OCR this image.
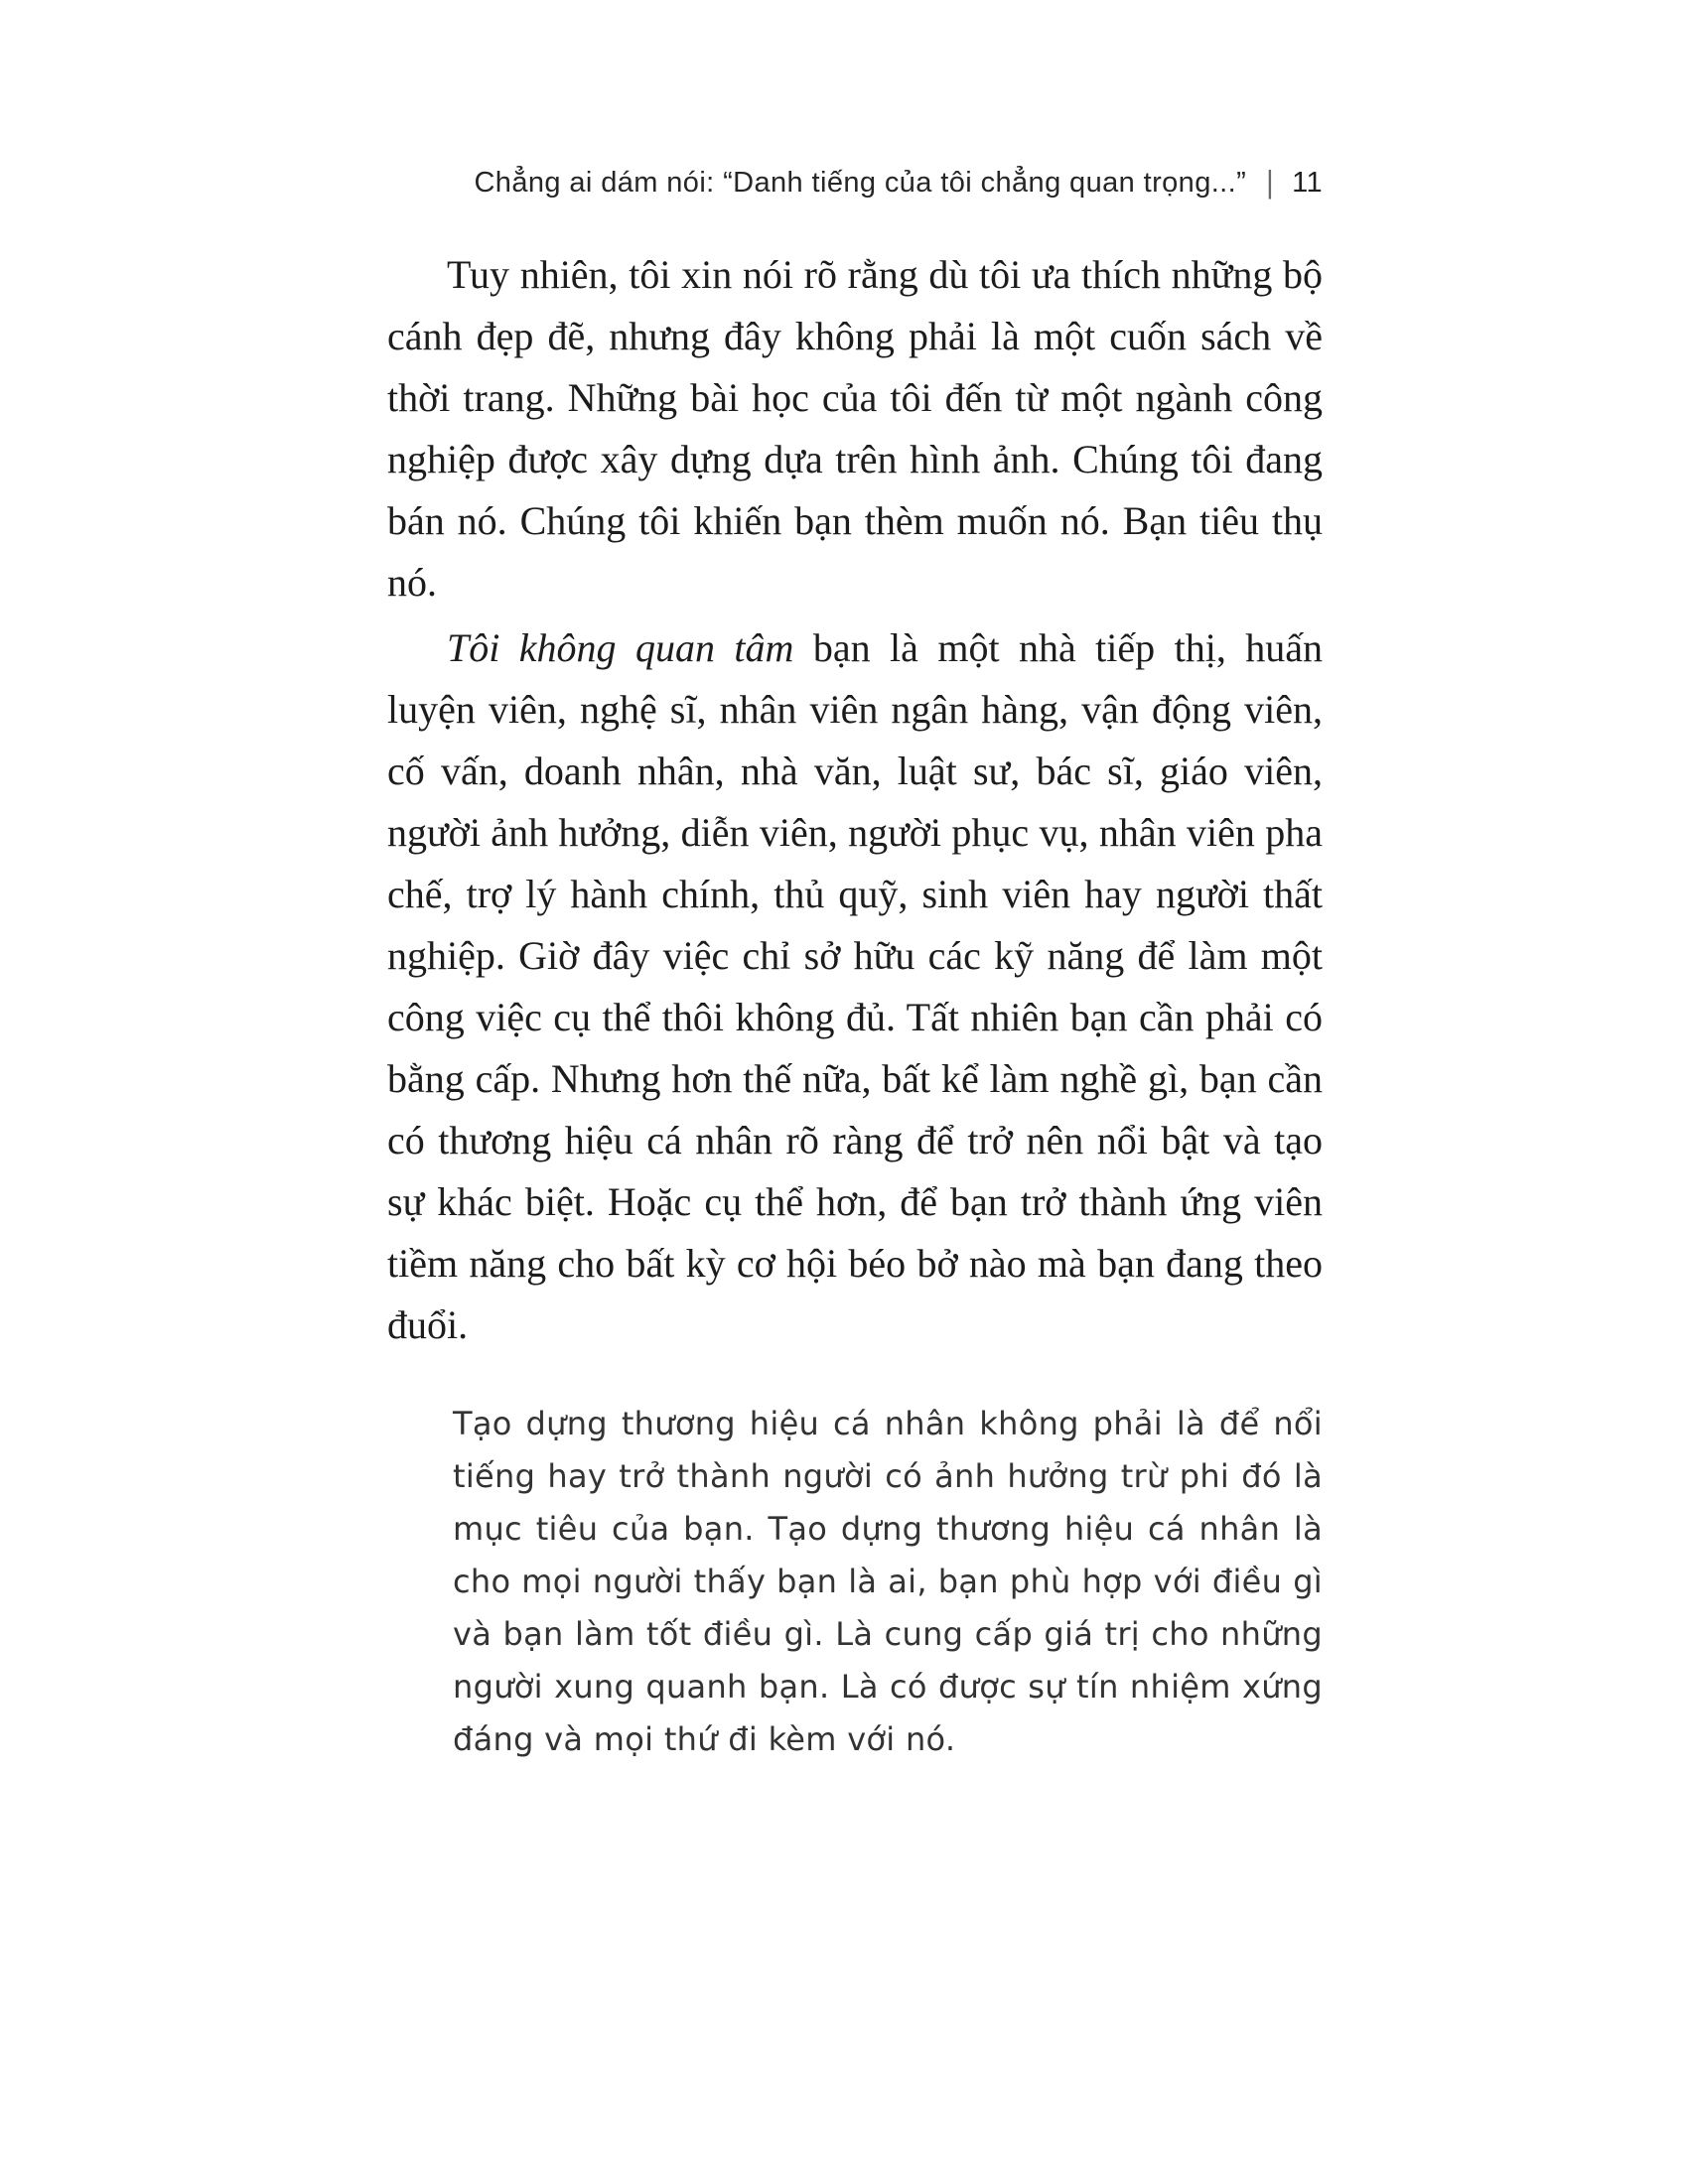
Chẳng ai dám nói: “Danh tiếng của tôi chẳng quan trọng...” | 11

Tuy nhiên, tôi xin nói rõ rằng dù tôi ưa thích những bộ cánh đẹp đẽ, nhưng đây không phải là một cuốn sách về thời trang. Những bài học của tôi đến từ một ngành công nghiệp được xây dựng dựa trên hình ảnh. Chúng tôi đang bán nó. Chúng tôi khiến bạn thèm muốn nó. Bạn tiêu thụ nó.

Tôi không quan tâm bạn là một nhà tiếp thị, huấn luyện viên, nghệ sĩ, nhân viên ngân hàng, vận động viên, cố vấn, doanh nhân, nhà văn, luật sư, bác sĩ, giáo viên, người ảnh hưởng, diễn viên, người phục vụ, nhân viên pha chế, trợ lý hành chính, thủ quỹ, sinh viên hay người thất nghiệp. Giờ đây việc chỉ sở hữu các kỹ năng để làm một công việc cụ thể thôi không đủ. Tất nhiên bạn cần phải có bằng cấp. Nhưng hơn thế nữa, bất kể làm nghề gì, bạn cần có thương hiệu cá nhân rõ ràng để trở nên nổi bật và tạo sự khác biệt. Hoặc cụ thể hơn, để bạn trở thành ứng viên tiềm năng cho bất kỳ cơ hội béo bở nào mà bạn đang theo đuổi.

Tạo dựng thương hiệu cá nhân không phải là để nổi tiếng hay trở thành người có ảnh hưởng trừ phi đó là mục tiêu của bạn. Tạo dựng thương hiệu cá nhân là cho mọi người thấy bạn là ai, bạn phù hợp với điều gì và bạn làm tốt điều gì. Là cung cấp giá trị cho những người xung quanh bạn. Là có được sự tín nhiệm xứng đáng và mọi thứ đi kèm với nó.
